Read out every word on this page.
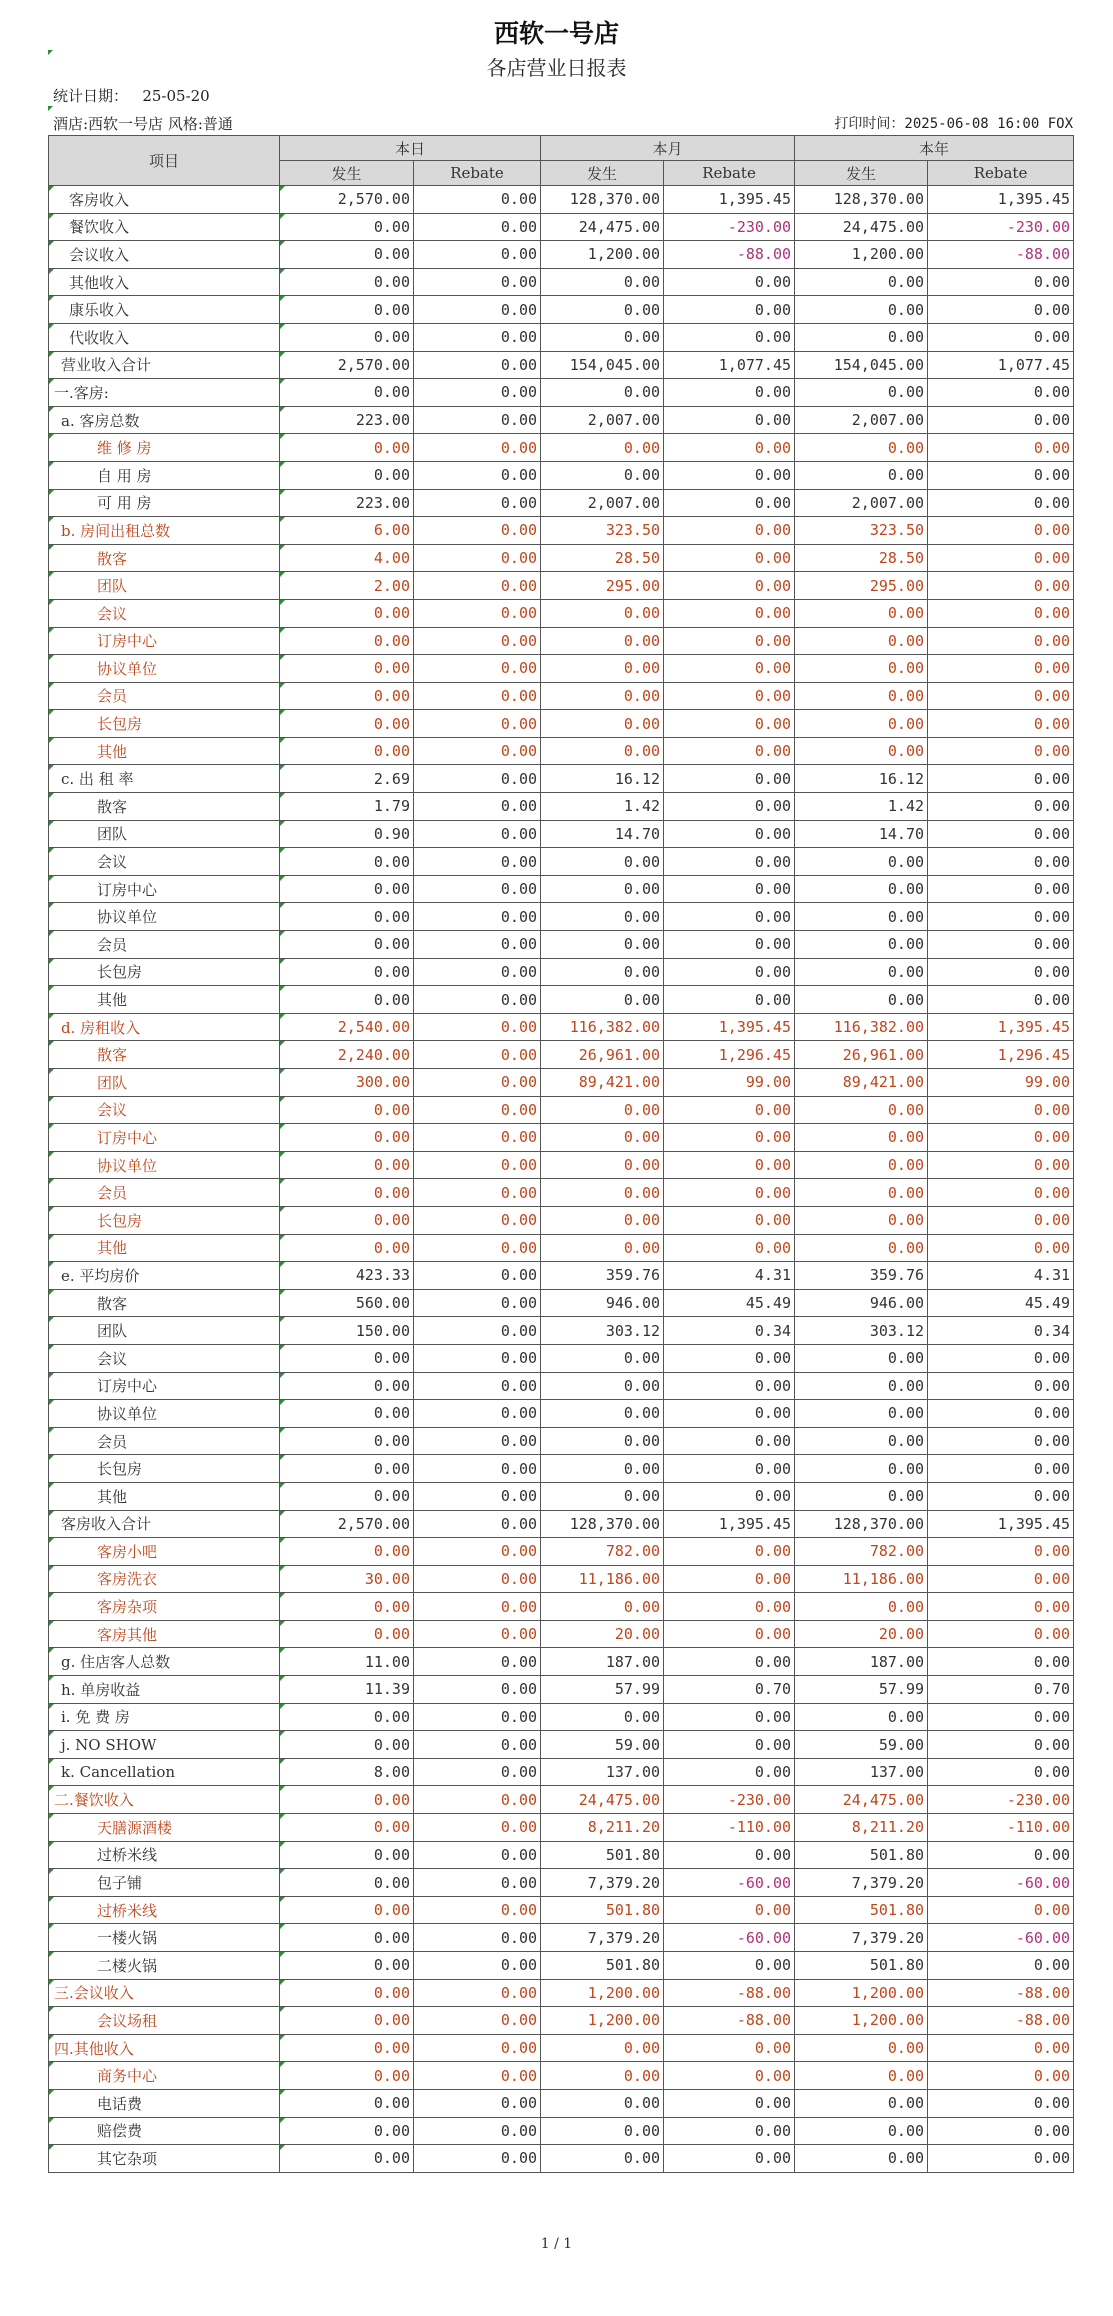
西软一号店
各店营业日报表
统计日期： 25-05-20
酒店:西软一号店 风格:普通	打印时间：2025-06-08 16:00 FOX
项目	本日		本月		本年	
	发生	Rebate	发生	Rebate	发生	Rebate
客房收入	2,570.00	0.00	128,370.00	1,395.45	128,370.00	1,395.45
餐饮收入	0.00	0.00	24,475.00	-230.00	24,475.00	-230.00
会议收入	0.00	0.00	1,200.00	-88.00	1,200.00	-88.00
其他收入	0.00	0.00	0.00	0.00	0.00	0.00
康乐收入	0.00	0.00	0.00	0.00	0.00	0.00
代收收入	0.00	0.00	0.00	0.00	0.00	0.00
营业收入合计	2,570.00	0.00	154,045.00	1,077.45	154,045.00	1,077.45
一.客房:	0.00	0.00	0.00	0.00	0.00	0.00
a. 客房总数	223.00	0.00	2,007.00	0.00	2,007.00	0.00
维 修 房	0.00	0.00	0.00	0.00	0.00	0.00
自 用 房	0.00	0.00	0.00	0.00	0.00	0.00
可 用 房	223.00	0.00	2,007.00	0.00	2,007.00	0.00
b. 房间出租总数	6.00	0.00	323.50	0.00	323.50	0.00
散客	4.00	0.00	28.50	0.00	28.50	0.00
团队	2.00	0.00	295.00	0.00	295.00	0.00
会议	0.00	0.00	0.00	0.00	0.00	0.00
订房中心	0.00	0.00	0.00	0.00	0.00	0.00
协议单位	0.00	0.00	0.00	0.00	0.00	0.00
会员	0.00	0.00	0.00	0.00	0.00	0.00
长包房	0.00	0.00	0.00	0.00	0.00	0.00
其他	0.00	0.00	0.00	0.00	0.00	0.00
c. 出 租 率	2.69	0.00	16.12	0.00	16.12	0.00
散客	1.79	0.00	1.42	0.00	1.42	0.00
团队	0.90	0.00	14.70	0.00	14.70	0.00
会议	0.00	0.00	0.00	0.00	0.00	0.00
订房中心	0.00	0.00	0.00	0.00	0.00	0.00
协议单位	0.00	0.00	0.00	0.00	0.00	0.00
会员	0.00	0.00	0.00	0.00	0.00	0.00
长包房	0.00	0.00	0.00	0.00	0.00	0.00
其他	0.00	0.00	0.00	0.00	0.00	0.00
d. 房租收入	2,540.00	0.00	116,382.00	1,395.45	116,382.00	1,395.45
散客	2,240.00	0.00	26,961.00	1,296.45	26,961.00	1,296.45
团队	300.00	0.00	89,421.00	99.00	89,421.00	99.00
会议	0.00	0.00	0.00	0.00	0.00	0.00
订房中心	0.00	0.00	0.00	0.00	0.00	0.00
协议单位	0.00	0.00	0.00	0.00	0.00	0.00
会员	0.00	0.00	0.00	0.00	0.00	0.00
长包房	0.00	0.00	0.00	0.00	0.00	0.00
其他	0.00	0.00	0.00	0.00	0.00	0.00
e. 平均房价	423.33	0.00	359.76	4.31	359.76	4.31
散客	560.00	0.00	946.00	45.49	946.00	45.49
团队	150.00	0.00	303.12	0.34	303.12	0.34
会议	0.00	0.00	0.00	0.00	0.00	0.00
订房中心	0.00	0.00	0.00	0.00	0.00	0.00
协议单位	0.00	0.00	0.00	0.00	0.00	0.00
会员	0.00	0.00	0.00	0.00	0.00	0.00
长包房	0.00	0.00	0.00	0.00	0.00	0.00
其他	0.00	0.00	0.00	0.00	0.00	0.00
客房收入合计	2,570.00	0.00	128,370.00	1,395.45	128,370.00	1,395.45
客房小吧	0.00	0.00	782.00	0.00	782.00	0.00
客房洗衣	30.00	0.00	11,186.00	0.00	11,186.00	0.00
客房杂项	0.00	0.00	0.00	0.00	0.00	0.00
客房其他	0.00	0.00	20.00	0.00	20.00	0.00
g. 住店客人总数	11.00	0.00	187.00	0.00	187.00	0.00
h. 单房收益	11.39	0.00	57.99	0.70	57.99	0.70
i. 免 费 房	0.00	0.00	0.00	0.00	0.00	0.00
j. NO SHOW	0.00	0.00	59.00	0.00	59.00	0.00
k. Cancellation	8.00	0.00	137.00	0.00	137.00	0.00
二.餐饮收入	0.00	0.00	24,475.00	-230.00	24,475.00	-230.00
天膳源酒楼	0.00	0.00	8,211.20	-110.00	8,211.20	-110.00
过桥米线	0.00	0.00	501.80	0.00	501.80	0.00
包子铺	0.00	0.00	7,379.20	-60.00	7,379.20	-60.00
过桥米线	0.00	0.00	501.80	0.00	501.80	0.00
一楼火锅	0.00	0.00	7,379.20	-60.00	7,379.20	-60.00
二楼火锅	0.00	0.00	501.80	0.00	501.80	0.00
三.会议收入	0.00	0.00	1,200.00	-88.00	1,200.00	-88.00
会议场租	0.00	0.00	1,200.00	-88.00	1,200.00	-88.00
四.其他收入	0.00	0.00	0.00	0.00	0.00	0.00
商务中心	0.00	0.00	0.00	0.00	0.00	0.00
电话费	0.00	0.00	0.00	0.00	0.00	0.00
赔偿费	0.00	0.00	0.00	0.00	0.00	0.00
其它杂项	0.00	0.00	0.00	0.00	0.00	0.00
1 / 1
